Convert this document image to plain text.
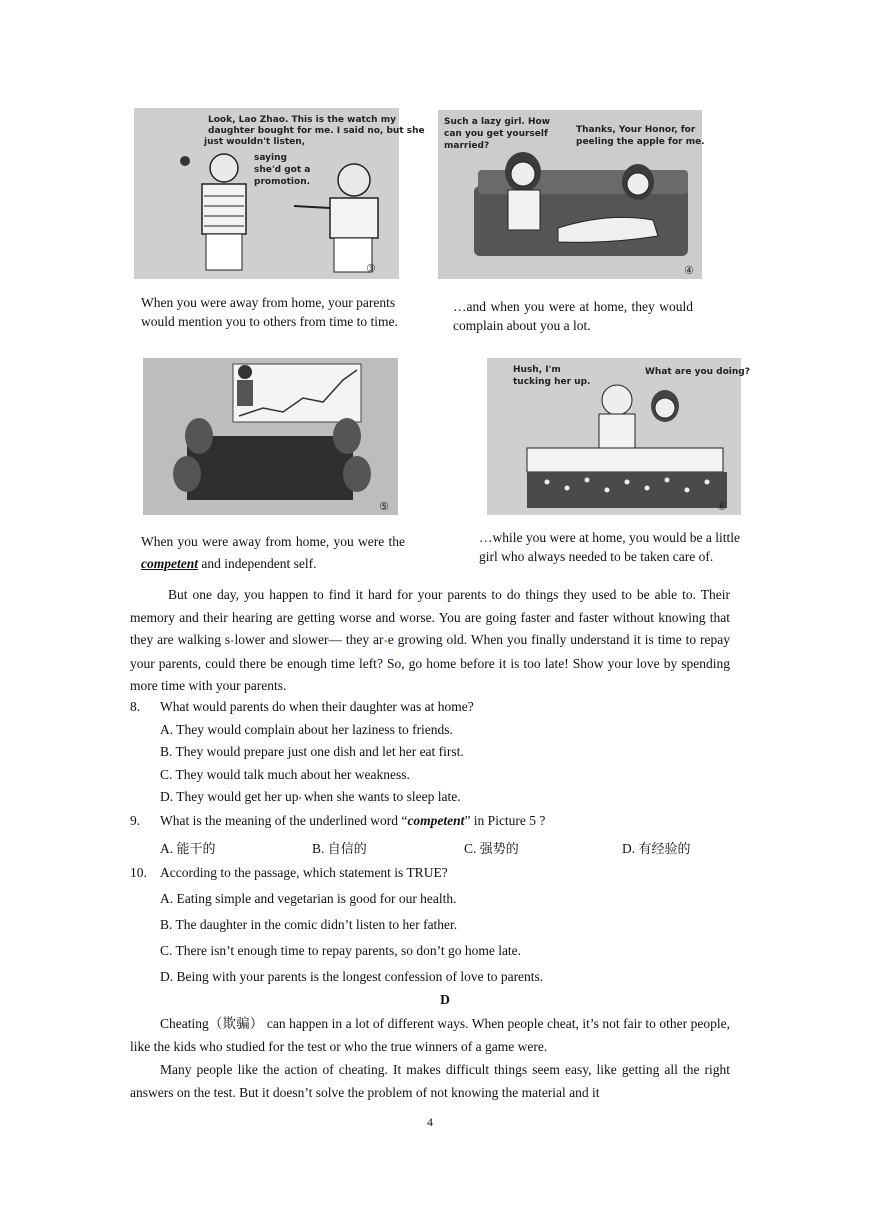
Look, Lao Zhao. This is the watch my
daughter bought for me. I said no, but she
just wouldn't listen,
saying
she'd got a
promotion.
③
Such a lazy girl. How
can you get yourself
married?
Thanks, Your Honor, for
peeling the apple for me.
④
When you were away from home, your parents would mention you to others from time to time.
…and when you were at home, they would complain about you a lot.
⑤
Hush, I'm
tucking her up.
What are you doing?
⑥
When you were away from home, you were the competent and independent self.
…while you were at home, you would be a little girl who always needed to be taken care of.
But one day, you happen to find it hard for your parents to do things they used to be able to. Their memory and their hearing are getting worse and worse. You are going faster and faster without knowing that they are walking s▪lower and slower— they ar▪e growing old. When you finally understand it is time to repay your parents, could there be enough time left? So, go home before it is too late! Show your love by spending more time with your parents.
8. What would parents do when their daughter was at home?
A. They would complain about her laziness to friends.
B. They would prepare just one dish and let her eat first.
C. They would talk much about her weakness.
D. They would get her up▪ when she wants to sleep late.
9. What is the meaning of the underlined word “competent” in Picture 5 ?
A. 能干的	B. 自信的	C. 强势的	D. 有经验的
10. According to the passage, which statement is TRUE?
A. Eating simple and vegetarian is good for our health.
B. The daughter in the comic didn’t listen to her father.
C. There isn’t enough time to repay parents, so don’t go home late.
D. Being with your parents is the longest confession of love to parents.
D
Cheating（欺骗） can happen in a lot of different ways. When people cheat, it’s not fair to other people, like the kids who studied for the test or who the true winners of a game were.
Many people like the action of cheating. It makes difficult things seem easy, like getting all the right answers on the test. But it doesn’t solve the problem of not knowing the material and it
4
